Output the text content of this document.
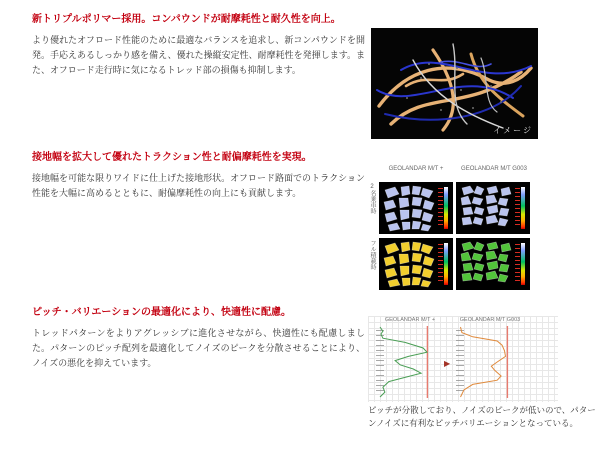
新トリプルポリマー採用。コンパウンドが耐摩耗性と耐久性を向上。

より優れたオフロード性能のために最適なバランスを追求し、新コンパウンドを開発。手応えあるしっかり感を備え、優れた操縦安定性、耐摩耗性を発揮します。また、オフロード走行時に気になるトレッド部の損傷も抑制します。

イメージ
接地幅を拡大して優れたトラクション性と耐偏摩耗性を実現。

接地幅を可能な限りワイドに仕上げた接地形状。オフロード路面でのトラクション性能を大幅に高めるとともに、耐偏摩耗性の向上にも貢献します。

GEOLANDAR M/T +	GEOLANDAR M/T G003
2名乗車時
フル積載時
ピッチ・バリエーションの最適化により、快適性に配慮。

トレッドパターンをよりアグレッシブに進化させながら、快適性にも配慮しました。パターンのピッチ配列を最適化してノイズのピークを分散させることにより、ノイズの悪化を抑えています。

GEOLANDAR M/T +	GEOLANDAR M/T G003
▶

ピッチが分散しており、ノイズのピークが低いので、パターンノイズに有利なピッチバリエーションとなっている。
